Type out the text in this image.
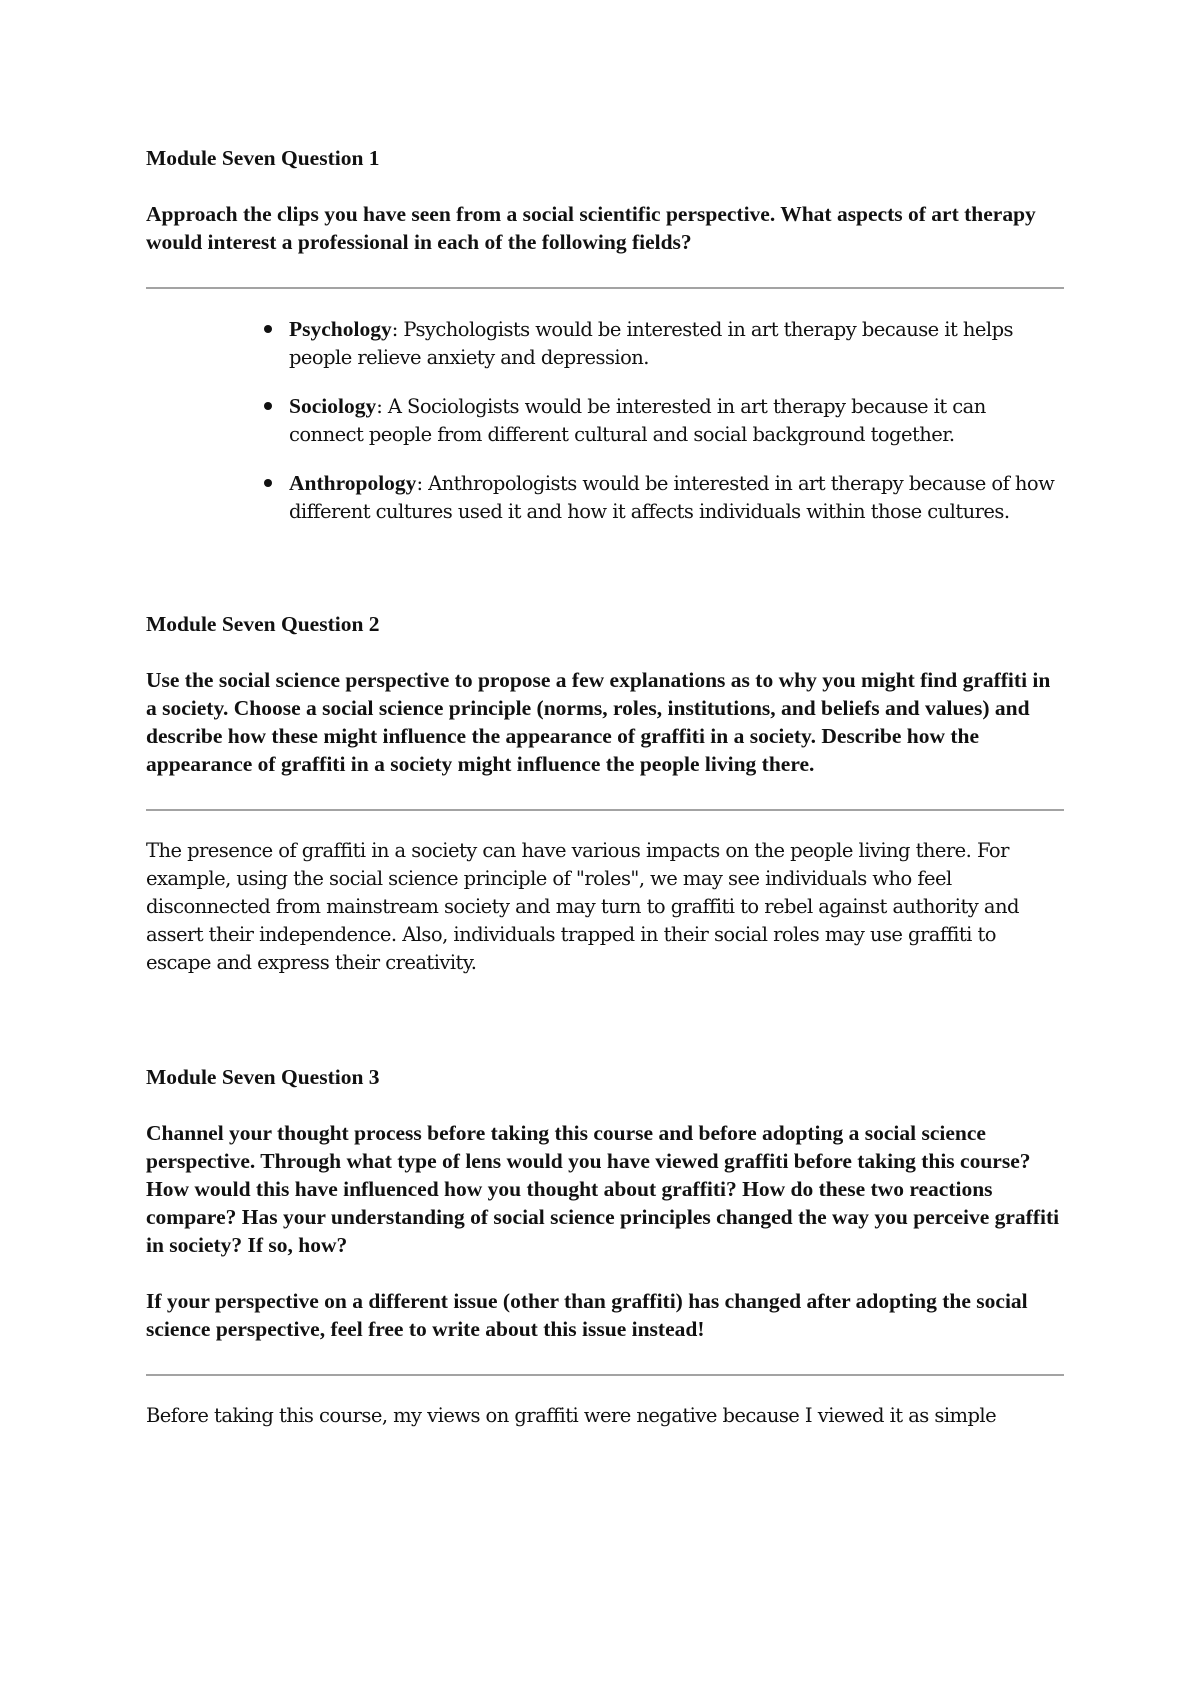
Module Seven Question 1

Approach the clips you have seen from a social scientific perspective. What aspects of art therapy would interest a professional in each of the following fields?

Psychology: Psychologists would be interested in art therapy because it helps people relieve anxiety and depression.
Sociology: A Sociologists would be interested in art therapy because it can connect people from different cultural and social background together.
Anthropology: Anthropologists would be interested in art therapy because of how different cultures used it and how it affects individuals within those cultures.

Module Seven Question 2

Use the social science perspective to propose a few explanations as to why you might find graffiti in a society. Choose a social science principle (norms, roles, institutions, and beliefs and values) and describe how these might influence the appearance of graffiti in a society. Describe how the appearance of graffiti in a society might influence the people living there.

The presence of graffiti in a society can have various impacts on the people living there. For example, using the social science principle of "roles", we may see individuals who feel disconnected from mainstream society and may turn to graffiti to rebel against authority and assert their independence. Also, individuals trapped in their social roles may use graffiti to escape and express their creativity.

Module Seven Question 3

Channel your thought process before taking this course and before adopting a social science perspective. Through what type of lens would you have viewed graffiti before taking this course? How would this have influenced how you thought about graffiti? How do these two reactions compare? Has your understanding of social science principles changed the way you perceive graffiti in society? If so, how?

If your perspective on a different issue (other than graffiti) has changed after adopting the social science perspective, feel free to write about this issue instead!

Before taking this course, my views on graffiti were negative because I viewed it as simple
